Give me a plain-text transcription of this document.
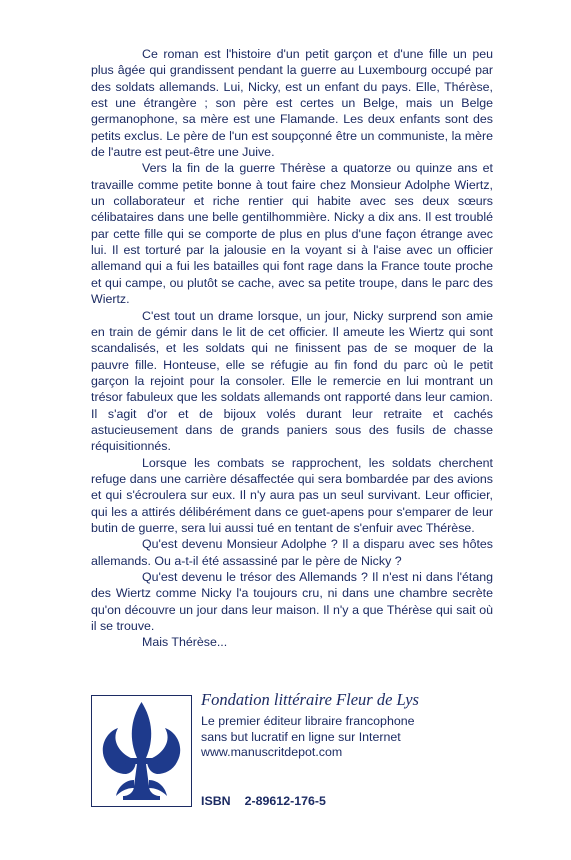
Ce roman est l'histoire d'un petit garçon et d'une fille un peu plus âgée qui grandissent pendant la guerre au Luxembourg occupé par des soldats allemands. Lui, Nicky, est un enfant du pays. Elle, Thérèse, est une étrangère ; son père est certes un Belge, mais un Belge germanophone, sa mère est une Flamande. Les deux enfants sont des petits exclus. Le père de l'un est soupçonné être un communiste, la mère de l'autre est peut-être une Juive.

Vers la fin de la guerre Thérèse a quatorze ou quinze ans et travaille comme petite bonne à tout faire chez Monsieur Adolphe Wiertz, un collaborateur et riche rentier qui habite avec ses deux sœurs célibataires dans une belle gentilhommière. Nicky a dix ans. Il est troublé par cette fille qui se comporte de plus en plus d'une façon étrange avec lui. Il est torturé par la jalousie en la voyant si à l'aise avec un officier allemand qui a fui les batailles qui font rage dans la France toute proche et qui campe, ou plutôt se cache, avec sa petite troupe, dans le parc des Wiertz.

C'est tout un drame lorsque, un jour, Nicky surprend son amie en train de gémir dans le lit de cet officier. Il ameute les Wiertz qui sont scandalisés, et les soldats qui ne finissent pas de se moquer de la pauvre fille. Honteuse, elle se réfugie au fin fond du parc où le petit garçon la rejoint pour la consoler. Elle le remercie en lui montrant un trésor fabuleux que les soldats allemands ont rapporté dans leur camion. Il s'agit d'or et de bijoux volés durant leur retraite et cachés astucieusement dans de grands paniers sous des fusils de chasse réquisitionnés.

Lorsque les combats se rapprochent, les soldats cherchent refuge dans une carrière désaffectée qui sera bombardée par des avions et qui s'écroulera sur eux. Il n'y aura pas un seul survivant. Leur officier, qui les a attirés délibérément dans ce guet-apens pour s'emparer de leur butin de guerre, sera lui aussi tué en tentant de s'enfuir avec Thérèse.

Qu'est devenu Monsieur Adolphe ? Il a disparu avec ses hôtes allemands. Ou a-t-il été assassiné par le père de Nicky ?

Qu'est devenu le trésor des Allemands ? Il n'est ni dans l'étang des Wiertz comme Nicky l'a toujours cru, ni dans une chambre secrète qu'on découvre un jour dans leur maison. Il n'y a que Thérèse qui sait où il se trouve.

Mais Thérèse...

Fondation littéraire Fleur de Lys
Le premier éditeur libraire francophone
sans but lucratif en ligne sur Internet
www.manuscritdepot.com
ISBN 2-89612-176-5
